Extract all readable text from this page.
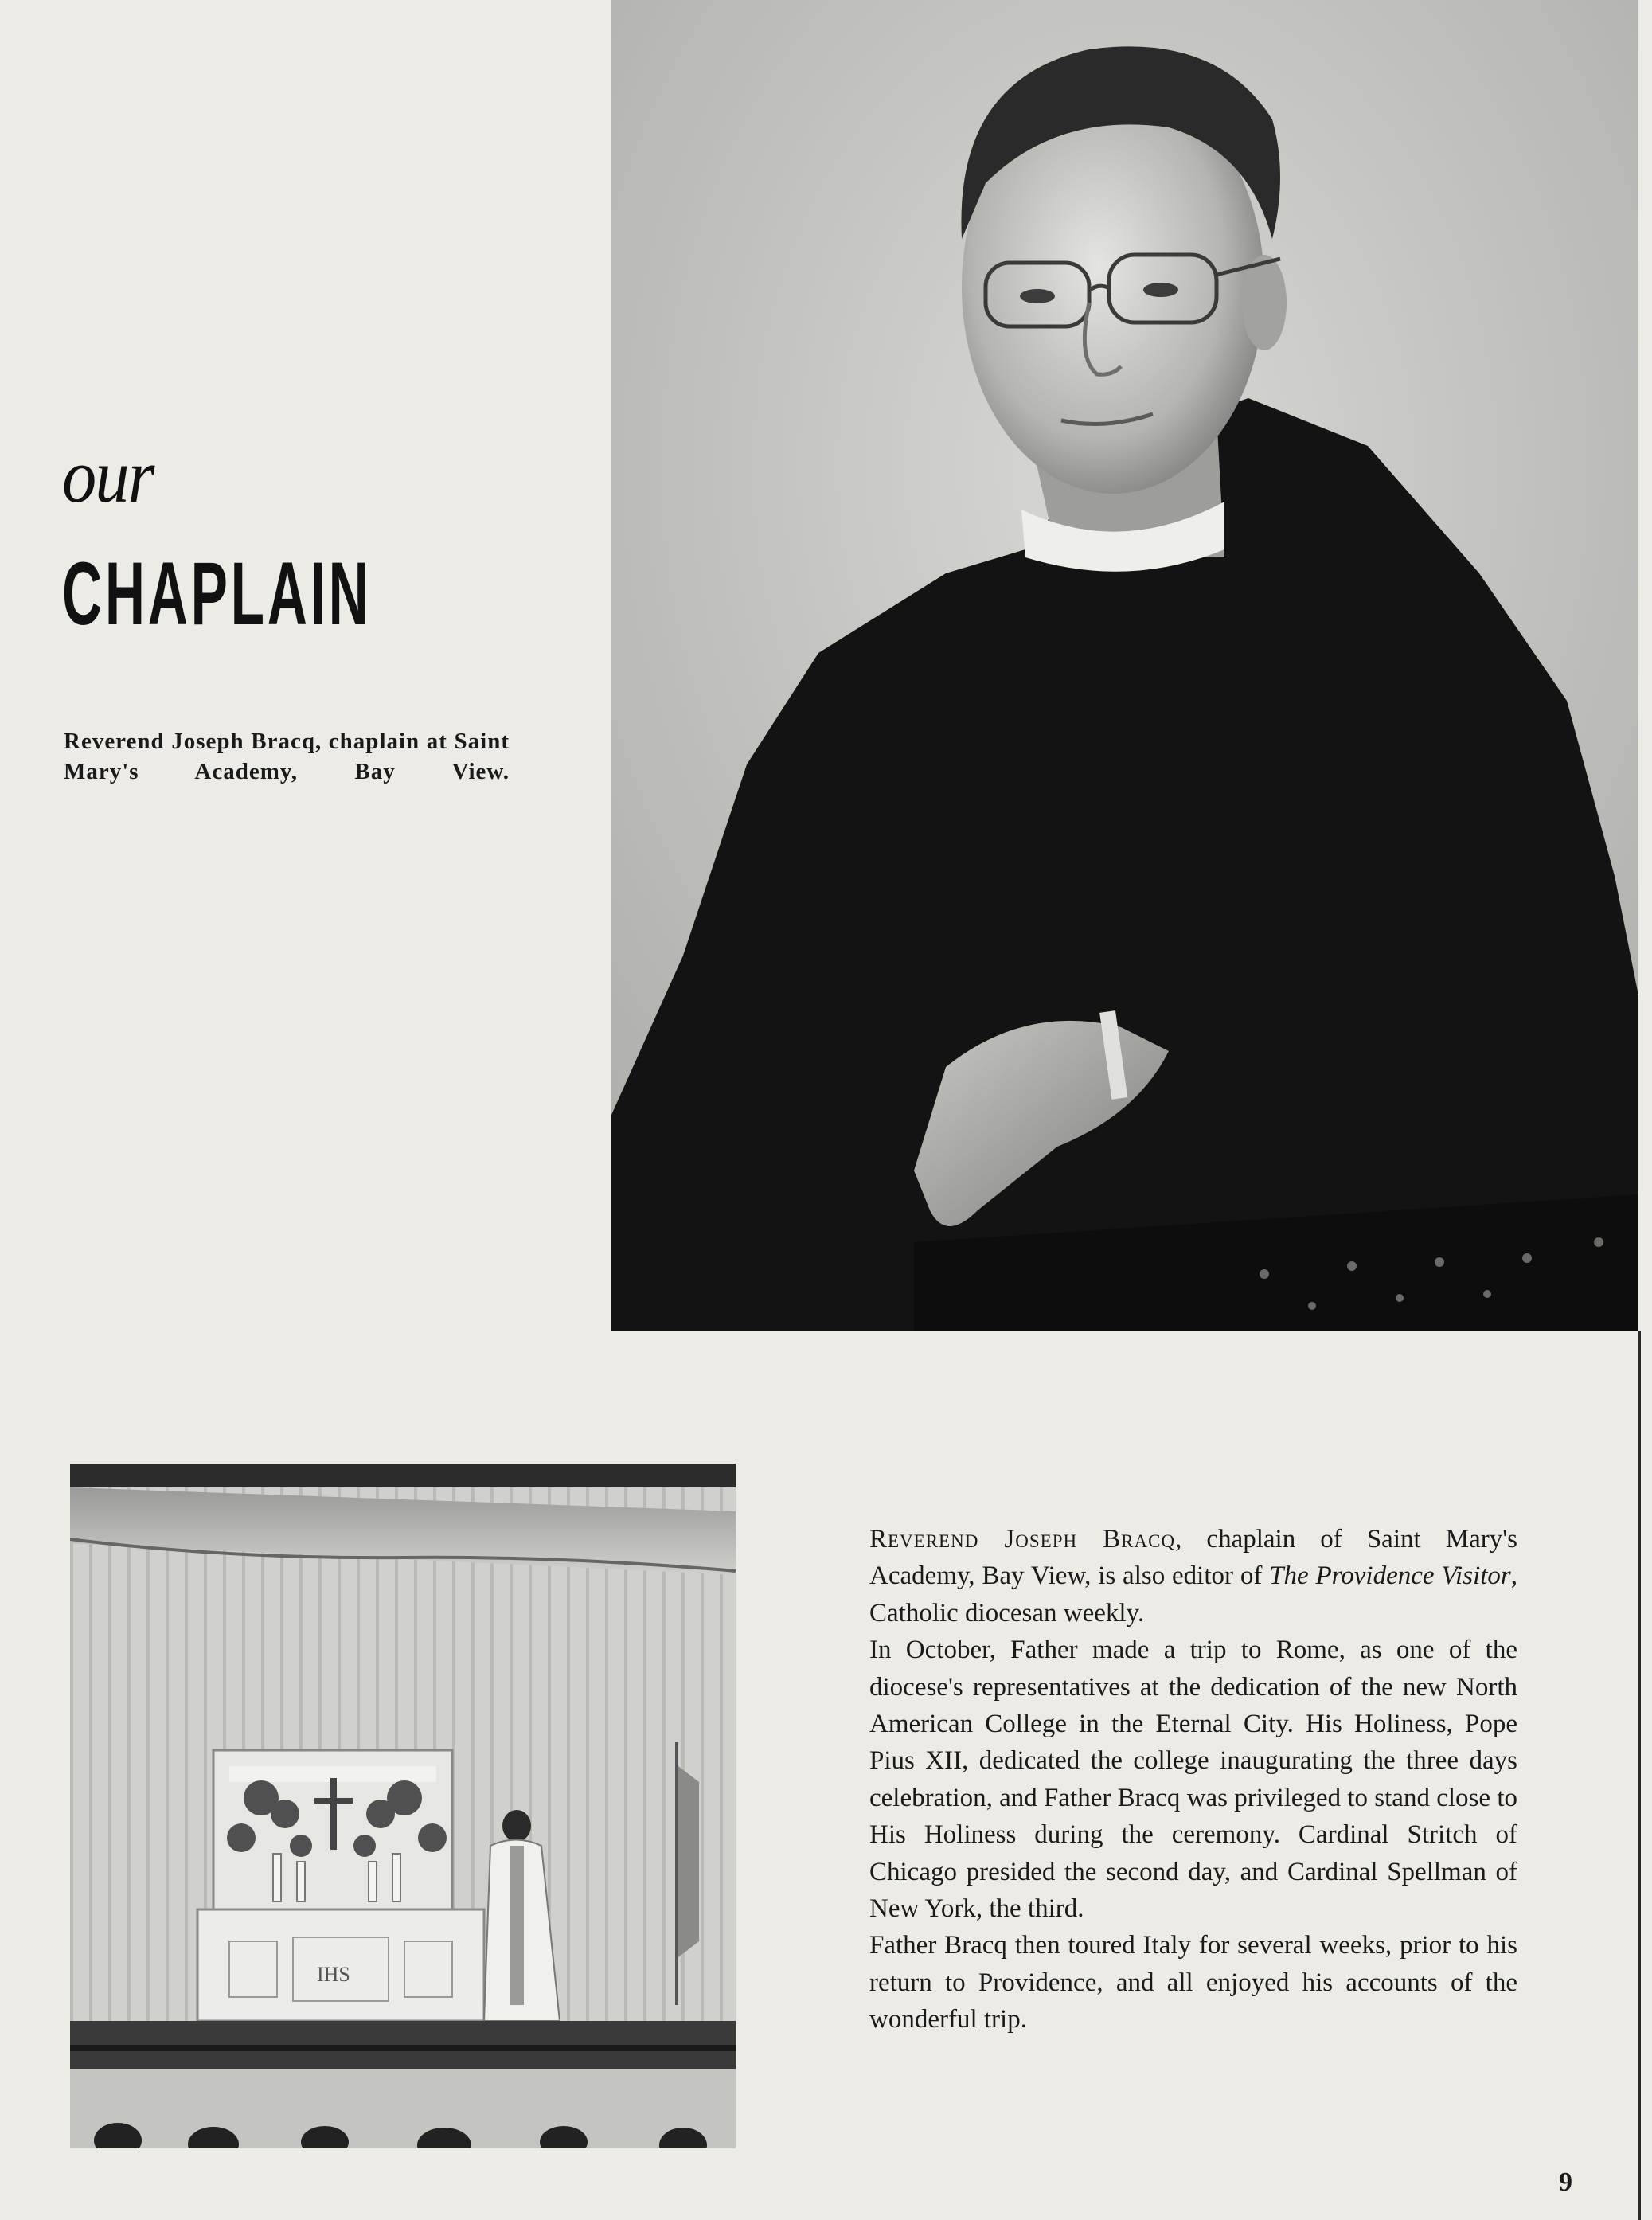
our
CHAPLAIN
Reverend Joseph Bracq, chaplain at Saint Mary's Academy, Bay View.
IHS

Reverend Joseph Bracq, chaplain of Saint Mary's Academy, Bay View, is also editor of The Providence Visitor, Catholic diocesan weekly.

In October, Father made a trip to Rome, as one of the diocese's representatives at the dedication of the new North American College in the Eternal City. His Holiness, Pope Pius XII, dedicated the college inaugurating the three days celebration, and Father Bracq was privileged to stand close to His Holiness during the ceremony. Cardinal Stritch of Chicago presided the second day, and Cardinal Spellman of New York, the third.

Father Bracq then toured Italy for several weeks, prior to his return to Providence, and all enjoyed his accounts of the wonderful trip.

9
